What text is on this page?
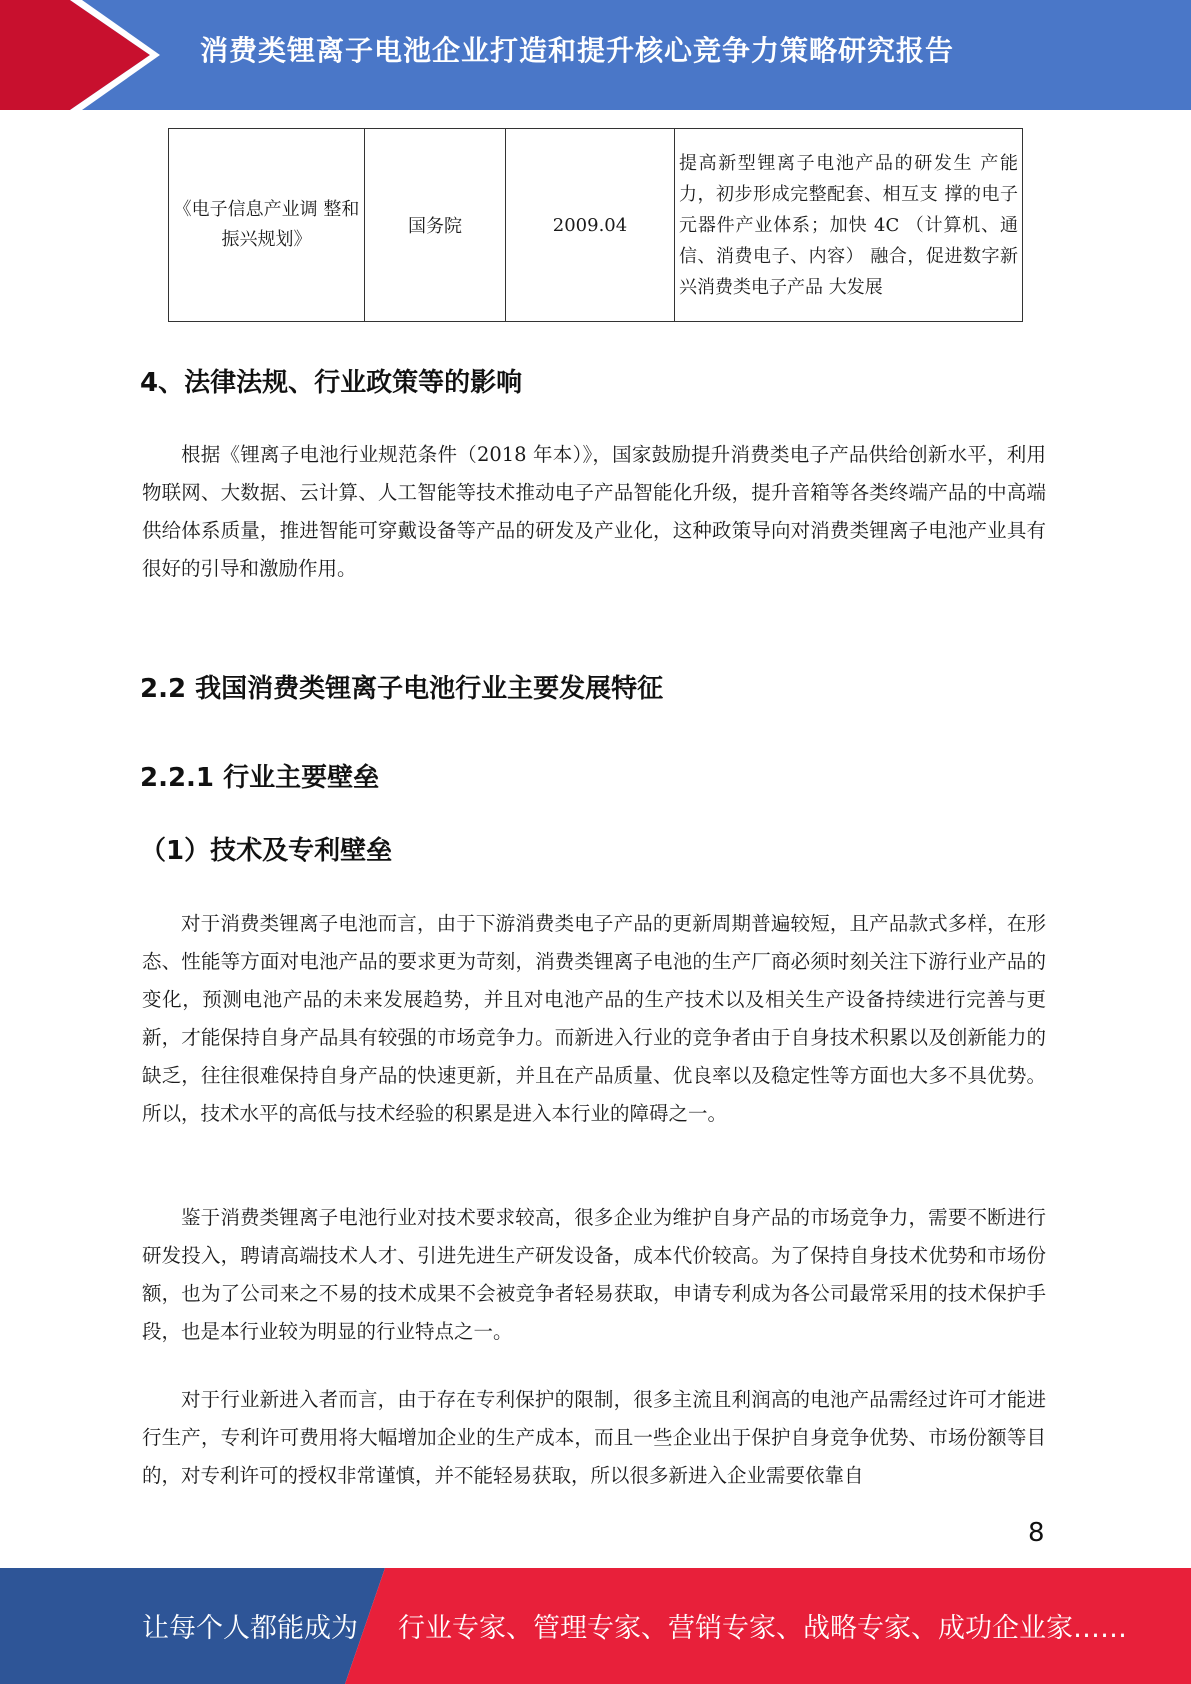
消费类锂离子电池企业打造和提升核心竞争力策略研究报告
《电子信息产业调 整和振兴规划》	国务院	2009.04	提高新型锂离子电池产品的研发生 产能力，初步形成完整配套、相互支 撑的电子元器件产业体系；加快 4C （计算机、通信、消费电子、内容） 融合，促进数字新兴消费类电子产品 大发展
4、法律法规、行业政策等的影响

根据《锂离子电池行业规范条件（2018 年本）》，国家鼓励提升消费类电子产品供给创新水平，利用物联网、大数据、云计算、人工智能等技术推动电子产品智能化升级，提升音箱等各类终端产品的中高端供给体系质量，推进智能可穿戴设备等产品的研发及产业化，这种政策导向对消费类锂离子电池产业具有很好的引导和激励作用。

2.2 我国消费类锂离子电池行业主要发展特征
2.2.1 行业主要壁垒
（1）技术及专利壁垒

对于消费类锂离子电池而言，由于下游消费类电子产品的更新周期普遍较短，且产品款式多样，在形态、性能等方面对电池产品的要求更为苛刻，消费类锂离子电池的生产厂商必须时刻关注下游行业产品的变化，预测电池产品的未来发展趋势，并且对电池产品的生产技术以及相关生产设备持续进行完善与更新，才能保持自身产品具有较强的市场竞争力。而新进入行业的竞争者由于自身技术积累以及创新能力的缺乏，往往很难保持自身产品的快速更新，并且在产品质量、优良率以及稳定性等方面也大多不具优势。所以，技术水平的高低与技术经验的积累是进入本行业的障碍之一。

鉴于消费类锂离子电池行业对技术要求较高，很多企业为维护自身产品的市场竞争力，需要不断进行研发投入，聘请高端技术人才、引进先进生产研发设备，成本代价较高。为了保持自身技术优势和市场份额，也为了公司来之不易的技术成果不会被竞争者轻易获取，申请专利成为各公司最常采用的技术保护手段，也是本行业较为明显的行业特点之一。

对于行业新进入者而言，由于存在专利保护的限制，很多主流且利润高的电池产品需经过许可才能进行生产，专利许可费用将大幅增加企业的生产成本，而且一些企业出于保护自身竞争优势、市场份额等目的，对专利许可的授权非常谨慎，并不能轻易获取，所以很多新进入企业需要依靠自

8
让每个人都能成为 行业专家、管理专家、营销专家、战略专家、成功企业家……
